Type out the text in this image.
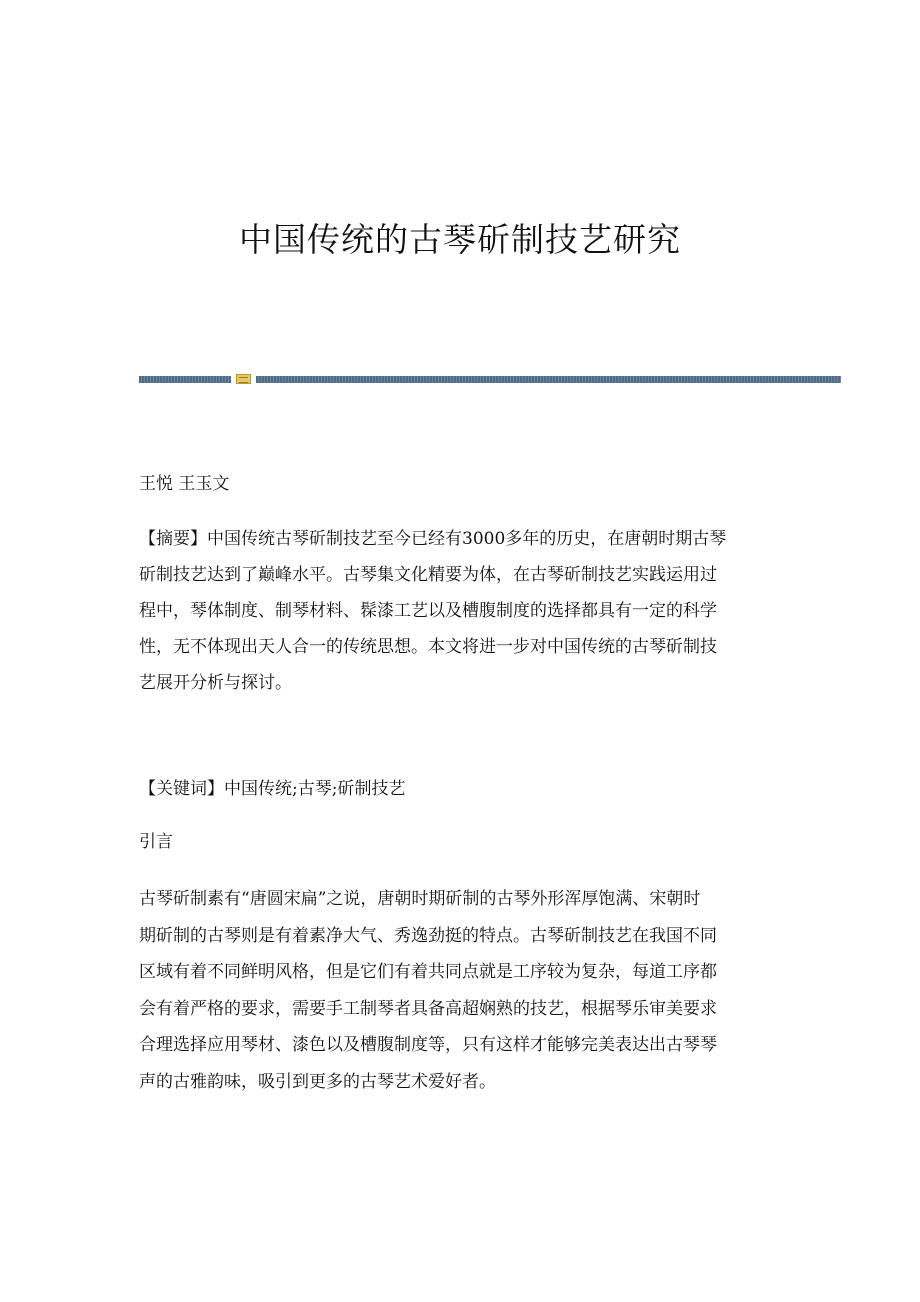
中国传统的古琴斫制技艺研究
王悦 王玉文
【摘要】中国传统古琴斫制技艺至今已经有3000多年的历史，在唐朝时期古琴
斫制技艺达到了巅峰水平。古琴集文化精要为体，在古琴斫制技艺实践运用过
程中，琴体制度、制琴材料、髹漆工艺以及槽腹制度的选择都具有一定的科学
性，无不体现出天人合一的传统思想。本文将进一步对中国传统的古琴斫制技
艺展开分析与探讨。
【关键词】中国传统;古琴;斫制技艺
引言
古琴斫制素有“唐圆宋扁”之说，唐朝时期斫制的古琴外形浑厚饱满、宋朝时
期斫制的古琴则是有着素净大气、秀逸劲挺的特点。古琴斫制技艺在我国不同
区域有着不同鲜明风格，但是它们有着共同点就是工序较为复杂，每道工序都
会有着严格的要求，需要手工制琴者具备高超娴熟的技艺，根据琴乐审美要求
合理选择应用琴材、漆色以及槽腹制度等，只有这样才能够完美表达出古琴琴
声的古雅韵味，吸引到更多的古琴艺术爱好者。
